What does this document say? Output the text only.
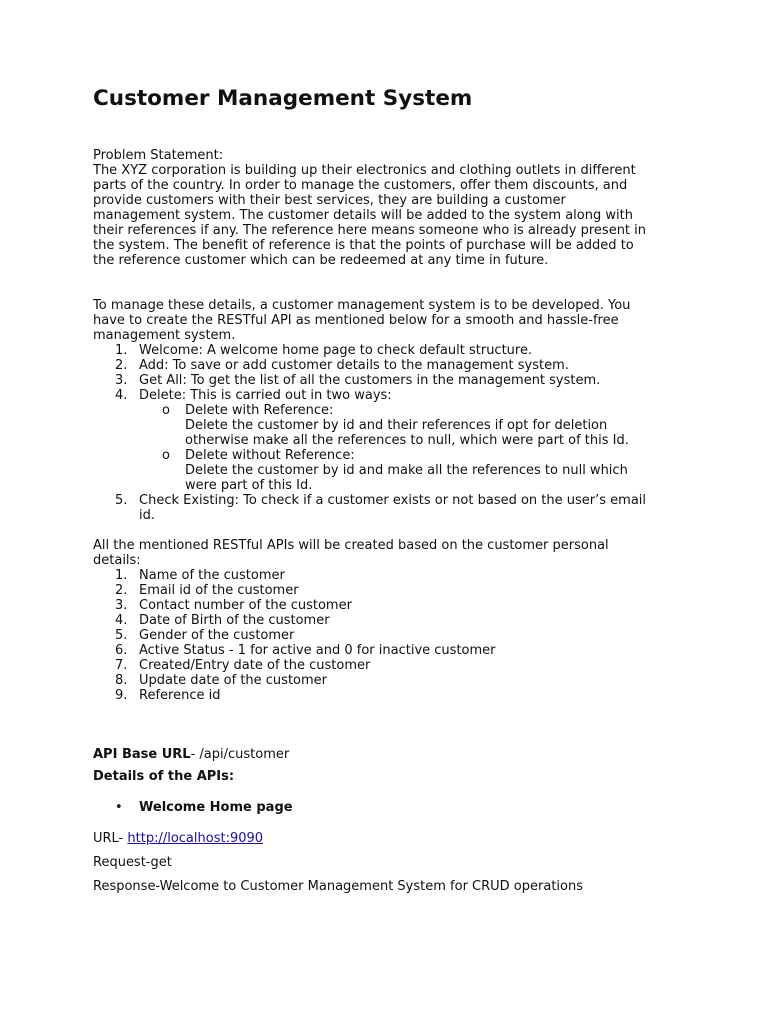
Customer Management System

Problem Statement:

The XYZ corporation is building up their electronics and clothing outlets in different

parts of the country. In order to manage the customers, offer them discounts, and

provide customers with their best services, they are building a customer

management system. The customer details will be added to the system along with

their references if any. The reference here means someone who is already present in

the system. The benefit of reference is that the points of purchase will be added to

the reference customer which can be redeemed at any time in future.

To manage these details, a customer management system is to be developed. You

have to create the RESTful API as mentioned below for a smooth and hassle-free

management system.

1. Welcome: A welcome home page to check default structure.
2. Add: To save or add customer details to the management system.
3. Get All: To get the list of all the customers in the management system.
4. Delete: This is carried out in two ways:
o Delete with Reference:
Delete the customer by id and their references if opt for deletion
otherwise make all the references to null, which were part of this Id.
o Delete without Reference:
Delete the customer by id and make all the references to null which
were part of this Id.
5. Check Existing: To check if a customer exists or not based on the user’s email
id.

All the mentioned RESTful APIs will be created based on the customer personal

details:

1. Name of the customer
2. Email id of the customer
3. Contact number of the customer
4. Date of Birth of the customer
5. Gender of the customer
6. Active Status - 1 for active and 0 for inactive customer
7. Created/Entry date of the customer
8. Update date of the customer
9. Reference id

API Base URL- /api/customer

Details of the APIs:

• Welcome Home page

URL- http://localhost:9090

Request-get

Response-Welcome to Customer Management System for CRUD operations
